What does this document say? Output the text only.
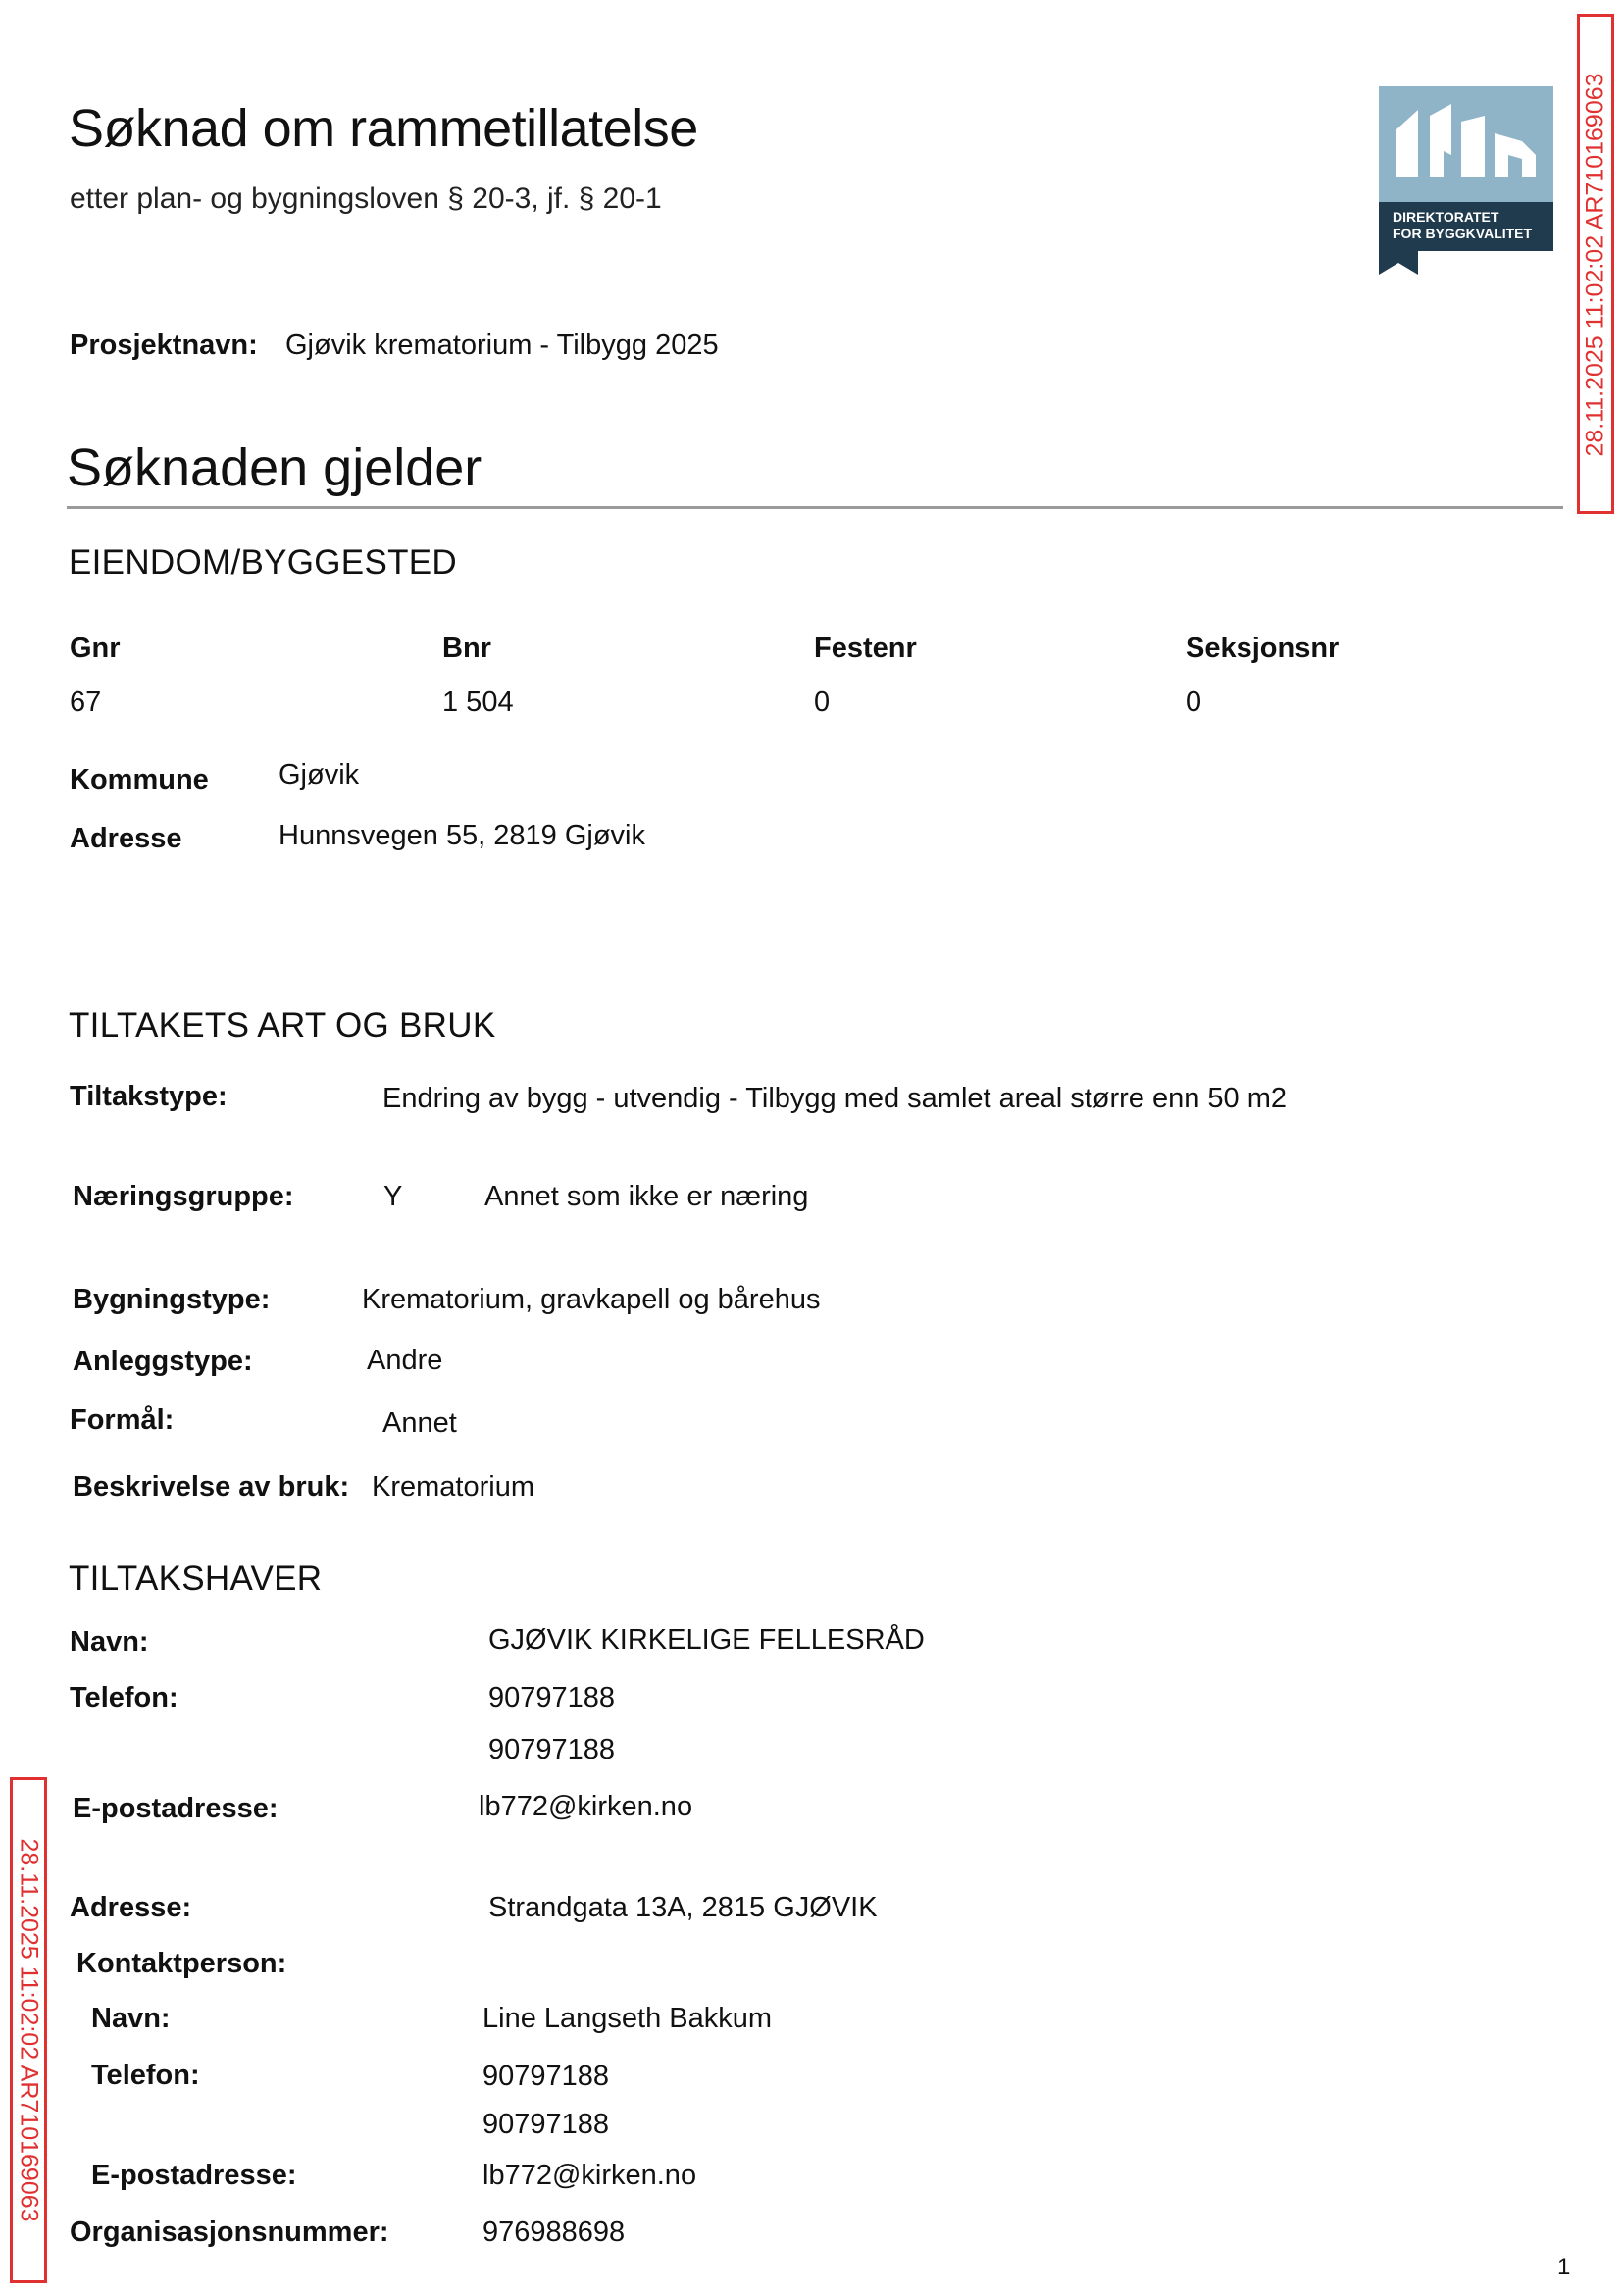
Søknad om rammetillatelse
etter plan- og bygningsloven § 20-3, jf. § 20-1
DIREKTORATET
FOR BYGGKVALITET 28.11.2025 11:02:02 AR710169063
28.11.2025 11:02:02 AR710169063
Prosjektnavn: Gjøvik krematorium - Tilbygg 2025
Søknaden gjelder
EIENDOM/BYGGESTED
Gnr	Bnr	Festenr	Seksjonsnr
67	1 504	0	0
Kommune Gjøvik
Adresse	Hunnsvegen 55, 2819 Gjøvik
TILTAKETS ART OG BRUK
Tiltakstype:	Endring av bygg - utvendig - Tilbygg med samlet areal større enn 50 m2
Næringsgruppe:	Y	Annet som ikke er næring
Bygningstype:	Krematorium, gravkapell og bårehus
Anleggstype:	Andre
Formål:	Annet
Beskrivelse av bruk: Krematorium
TILTAKSHAVER
Navn:	GJØVIK KIRKELIGE FELLESRÅD
Telefon:	90797188
90797188
E-postadresse:	lb772@kirken.no
Adresse:	Strandgata 13A, 2815 GJØVIK
Kontaktperson:
Navn:	Line Langseth Bakkum
Telefon:	90797188
90797188
E-postadresse:	lb772@kirken.no
Organisasjonsnummer:	976988698
1
